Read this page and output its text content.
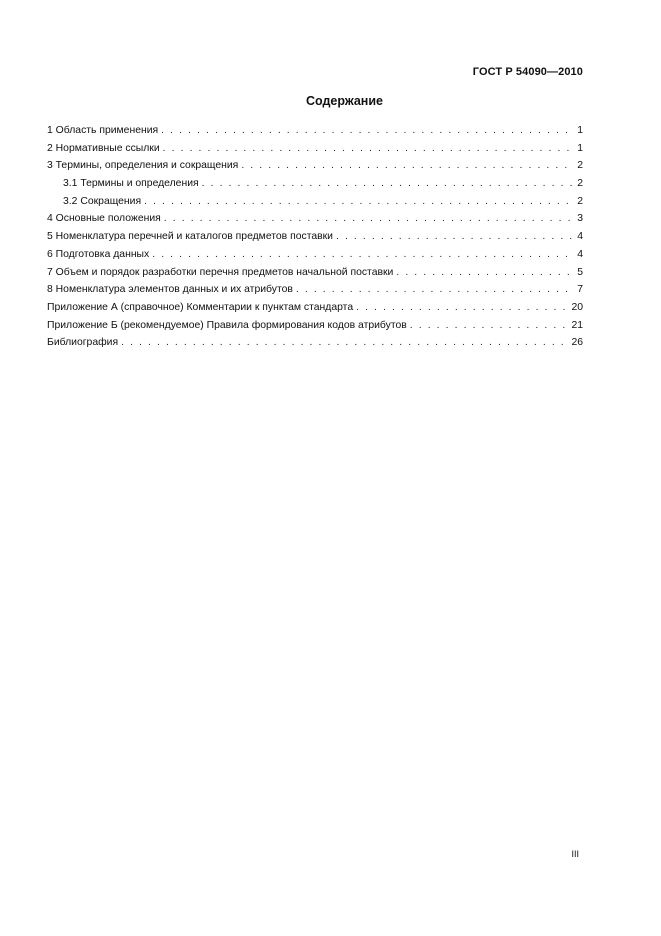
ГОСТ Р 54090—2010
Содержание
1 Область применения . . .	1
2 Нормативные ссылки . . .	1
3 Термины, определения и сокращения . . .	2
3.1 Термины и определения . . .	2
3.2 Сокращения . . .	2
4 Основные положения . . .	3
5 Номенклатура перечней и каталогов предметов поставки . . .	4
6 Подготовка данных . . .	4
7 Объем и порядок разработки перечня предметов начальной поставки . . .	5
8 Номенклатура элементов данных и их атрибутов . . .	7
Приложение А (справочное) Комментарии к пунктам стандарта . . .	20
Приложение Б (рекомендуемое) Правила формирования кодов атрибутов . . .	21
Библиография . . .	26
III
